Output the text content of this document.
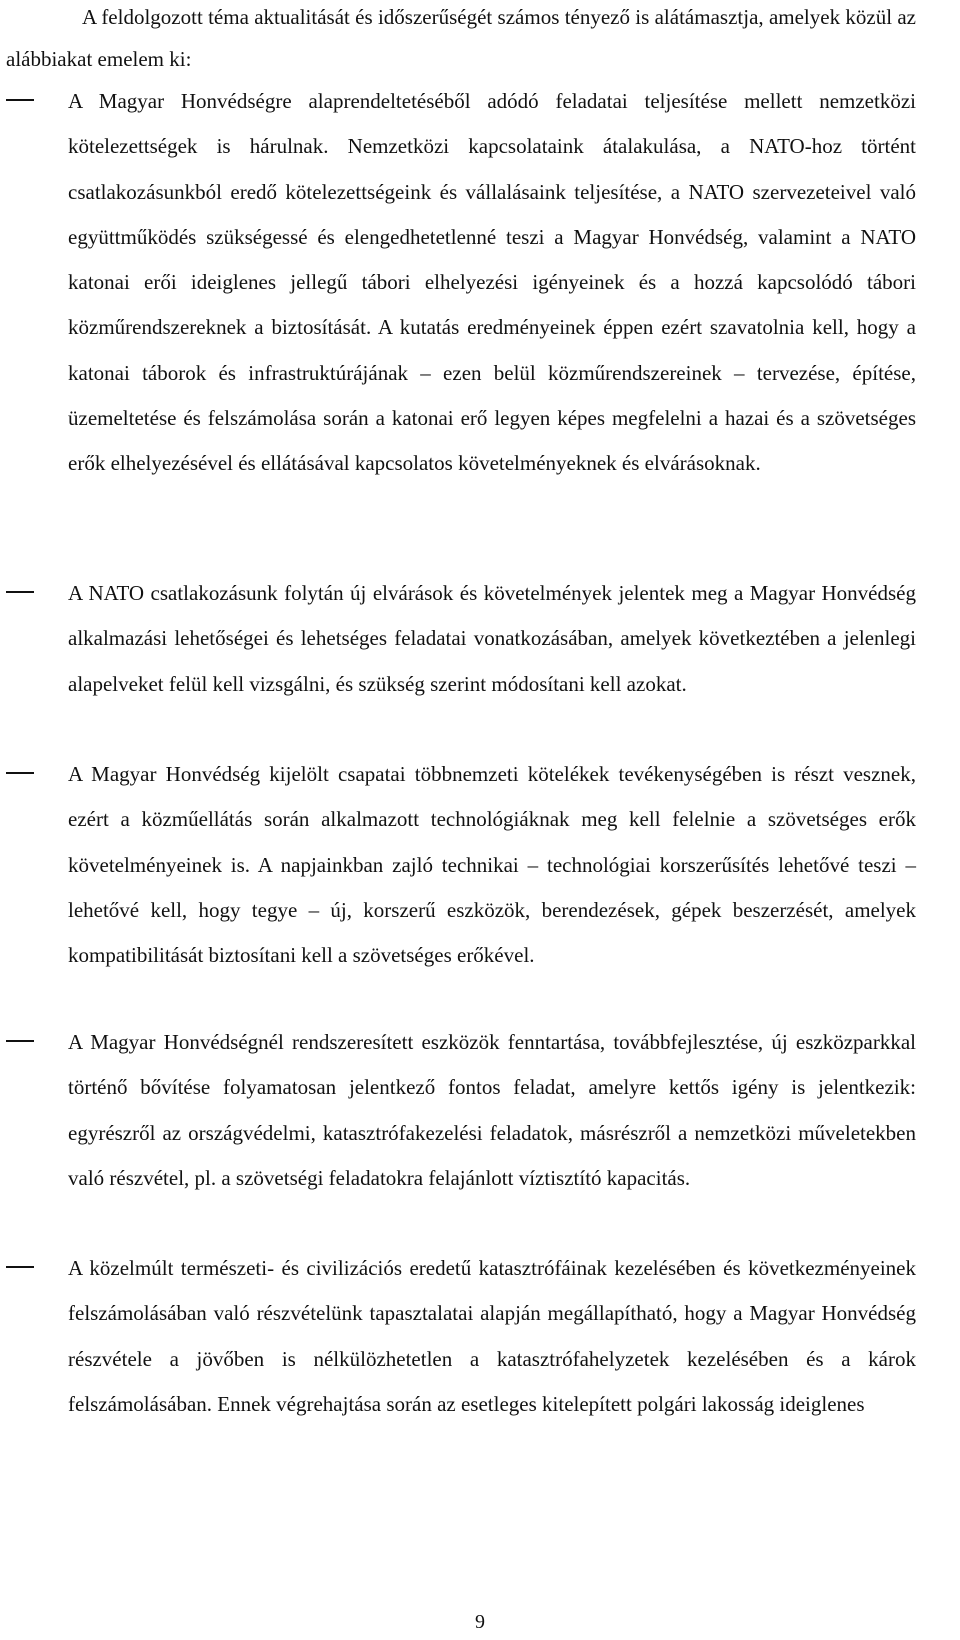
A feldolgozott téma aktualitását és időszerűségét számos tényező is alátámasztja, amelyek közül az alábbiakat emelem ki:

A Magyar Honvédségre alaprendeltetéséből adódó feladatai teljesítése mellett nemzetközi kötelezettségek is hárulnak. Nemzetközi kapcsolataink átalakulása, a NATO-hoz történt csatlakozásunkból eredő kötelezettségeink és vállalásaink teljesítése, a NATO szervezeteivel való együttműködés szükségessé és elengedhetetlenné teszi a Magyar Honvédség, valamint a NATO katonai erői ideiglenes jellegű tábori elhelyezési igényeinek és a hozzá kapcsolódó tábori közműrendszereknek a biztosítását. A kutatás eredményeinek éppen ezért szavatolnia kell, hogy a katonai táborok és infrastruktúrájának – ezen belül közműrendszereinek – tervezése, építése, üzemeltetése és felszámolása során a katonai erő legyen képes megfelelni a hazai és a szövetséges erők elhelyezésével és ellátásával kapcsolatos követelményeknek és elvárásoknak.

A NATO csatlakozásunk folytán új elvárások és követelmények jelentek meg a Magyar Honvédség alkalmazási lehetőségei és lehetséges feladatai vonatkozásában, amelyek következtében a jelenlegi alapelveket felül kell vizsgálni, és szükség szerint módosítani kell azokat.

A Magyar Honvédség kijelölt csapatai többnemzeti kötelékek tevékenységében is részt vesznek, ezért a közműellátás során alkalmazott technológiáknak meg kell felelnie a szövetséges erők követelményeinek is. A napjainkban zajló technikai – technológiai korszerűsítés lehetővé teszi – lehetővé kell, hogy tegye – új, korszerű eszközök, berendezések, gépek beszerzését, amelyek kompatibilitását biztosítani kell a szövetséges erőkével.

A Magyar Honvédségnél rendszeresített eszközök fenntartása, továbbfejlesztése, új eszközparkkal történő bővítése folyamatosan jelentkező fontos feladat, amelyre kettős igény is jelentkezik: egyrészről az országvédelmi, katasztrófakezelési feladatok, másrészről a nemzetközi műveletekben való részvétel, pl. a szövetségi feladatokra felajánlott víztisztító kapacitás.

A közelmúlt természeti- és civilizációs eredetű katasztrófáinak kezelésében és következményeinek felszámolásában való részvételünk tapasztalatai alapján megállapítható, hogy a Magyar Honvédség részvétele a jövőben is nélkülözhetetlen a katasztrófahelyzetek kezelésében és a károk felszámolásában. Ennek végrehajtása során az esetleges kitelepített polgári lakosság ideiglenes

9
